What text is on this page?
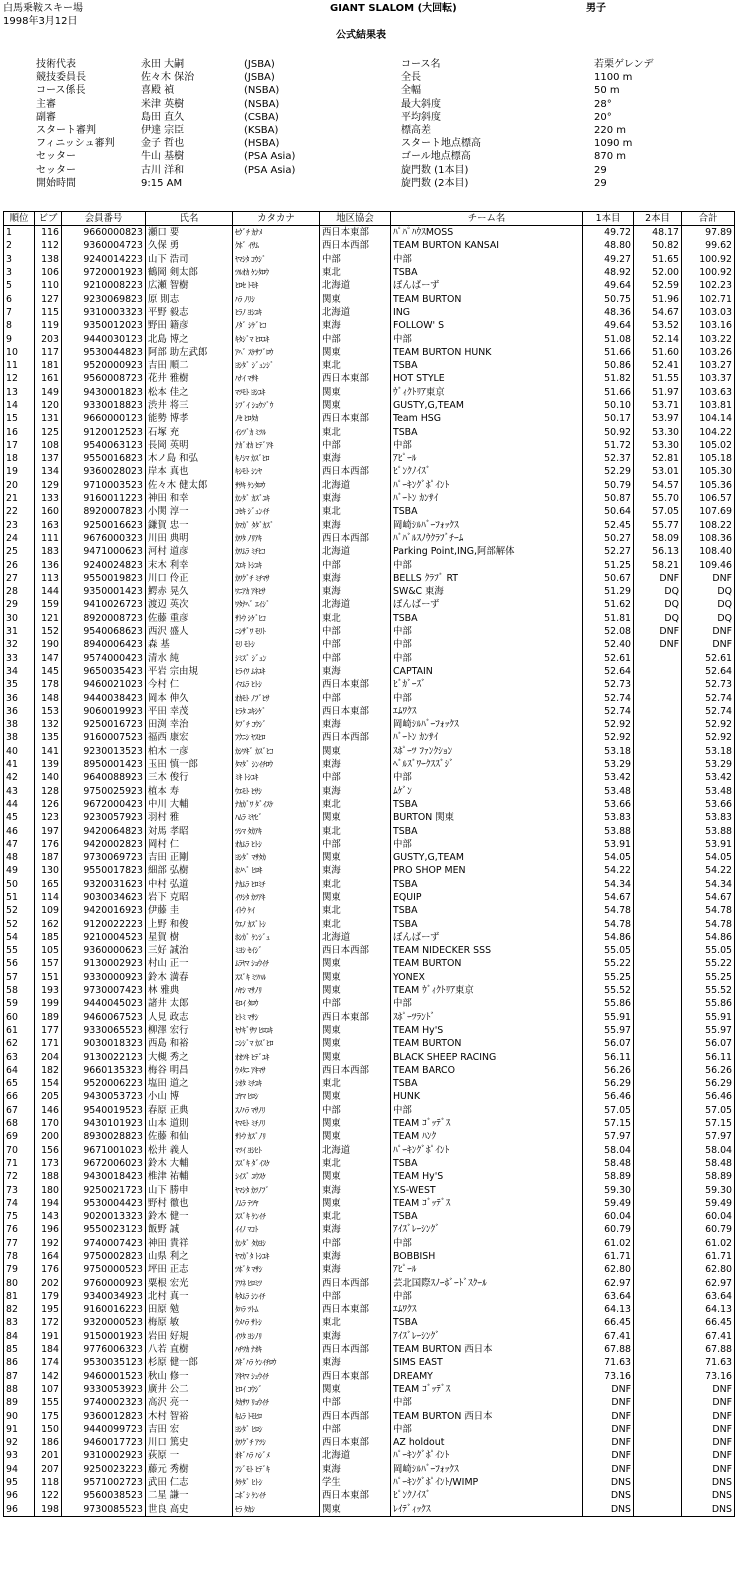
白馬乗鞍スキー場
1998年3月12日
GIANT SLALOM (大回転)	男子
公式結果表
技術代表	永田 大嗣	(JSBA)	コース名	若栗ゲレンデ
競技委員長	佐々木 保治	(JSBA)	全長	1100 m
コース係長	喜殿 禎	(NSBA)	全幅	50 m
主審	米津 英樹	(NSBA)	最大斜度	28°
副審	島田 直久	(CSBA)	平均斜度	20°
スタート審判	伊達 宗臣	(KSBA)	標高差	220 m
フィニッシュ審判	金子 哲也	(HSBA)	スタート地点標高	1090 m
セッター	牛山 基樹	(PSA Asia)	ゴール地点標高	870 m
セッター	古川 洋和	(PSA Asia)	旋門数 (1本目)	29
開始時間	9:15 AM	旋門数 (2本目)	29
順位	ビブ	会員番号	氏名	カタカナ	地区協会	チーム名	1本目	2本目	合計
1	116	9660000823	瀬口 要	ｾｸﾞﾁ ｶﾅﾒ	西日本東部	ﾊﾟﾊﾟﾊｳｽMOSS	49.72	48.17	97.89
2	112	9360004723	久保 勇	ｸﾎﾞ ｲｻﾑ	西日本西部	TEAM BURTON KANSAI	48.80	50.82	99.62
3	138	9240014223	山下 浩司	ﾔﾏｼﾀ ｺｳｼﾞ	中部	中部	49.27	51.65	100.92
3	106	9720001923	鶴岡 剣太郎	ﾂﾙｵｶ ｹﾝﾀﾛｳ	東北	TSBA	48.92	52.00	100.92
5	110	9210008223	広瀬 智樹	ﾋﾛｾ ﾄﾓｷ	北海道	ぼんばーず	49.64	52.59	102.23
6	127	9230069823	原 則志	ﾊﾗ ﾉﾘｼ	関東	TEAM BURTON	50.75	51.96	102.71
7	115	9310003323	平野 毅志	ﾋﾗﾉ ﾖｼﾕｷ	北海道	ING	48.36	54.67	103.03
8	119	9350012023	野田 籍彦	ﾉﾀﾞ ｼｹﾞﾋｺ	東海	FOLLOW' S	49.64	53.52	103.16
9	203	9440030123	北島 博之	ｷﾀｼﾞﾏ ﾋﾛﾕｷ	中部	中部	51.08	52.14	103.22
10	117	9530044823	阿部 助左武郎	ｱﾍﾞ ｽｹｻﾌﾞﾛｳ	関東	TEAM BURTON HUNK	51.66	51.60	103.26
11	181	9520000923	吉田 順二	ﾖｼﾀﾞ ｼﾞｭﾝｼﾞ	東北	TSBA	50.86	52.41	103.27
12	161	9560008723	花井 雅樹	ﾊﾅｲ ﾏｻｷ	西日本東部	HOT STYLE	51.82	51.55	103.37
13	149	9430001823	松本 佳之	ﾏﾂﾓﾄ ﾖｼﾕｷ	関東	ｳﾞｨｸﾄﾘｱ東京	51.66	51.97	103.63
14	120	9330018823	渋井 将三	ｼﾌﾞｲ ｼｮｳｿﾞｳ	関東	GUSTY,G,TEAM	50.10	53.71	103.81
15	131	9660000123	能勢 博孝	ﾉｾ ﾋﾛﾀｶ	西日本東部	Team HSG	50.17	53.97	104.14
16	125	9120012523	石塚 充	ｲｼﾂﾞｶ ﾐﾂﾙ	東北	TSBA	50.92	53.30	104.22
17	108	9540063123	長岡 英明	ﾅｶﾞｵｶ ﾋﾃﾞｱｷ	中部	中部	51.72	53.30	105.02
18	137	9550016823	木ノ島 和弘	ｷﾉｼﾏ ｶｽﾞﾋﾛ	東海	ｱﾋﾟｰﾙ	52.37	52.81	105.18
19	134	9360028023	岸本 真也	ｷｼﾓﾄ ｼﾝﾔ	西日本西部	ﾋﾟﾝｸﾉｲｽﾞ	52.29	53.01	105.30
20	129	9710003523	佐々木 健太郎	ｻｻｷ ｹﾝﾀﾛｳ	北海道	ﾊﾟｰｷﾝｸﾞﾎﾟｲﾝﾄ	50.79	54.57	105.36
21	133	9160011223	神田 和幸	ｶﾝﾀﾞ ｶｽﾞﾕｷ	東海	ﾊﾞｰﾄﾝ ｶﾝｻｲ	50.87	55.70	106.57
22	160	8920007823	小関 淳一	ｺｾｷ ｼﾞｭﾝｲﾁ	東北	TSBA	50.64	57.05	107.69
23	163	9250016623	鎌賀 忠一	ｶﾏｶﾞ ﾀﾀﾞｶｽﾞ	東海	岡崎ｼﾙﾊﾞｰﾌｫｯｸｽ	52.45	55.77	108.22
24	111	9676000323	川田 典明	ｶﾜﾀ ﾉﾘｱｷ	西日本西部	ﾊﾞﾊﾞﾙｽﾉｳｸﾗﾌﾞﾁｰﾑ	50.27	58.09	108.36
25	183	9471000623	河村 道彦	ｶﾜﾑﾗ ﾐﾁﾋｺ	北海道	Parking Point,ING,阿部解体	52.27	56.13	108.40
26	136	9240024823	末木 利幸	ｽｴｷ ﾄｼﾕｷ	中部	中部	51.25	58.21	109.46
27	113	9550019823	川口 伶正	ｶﾜｸﾞﾁ ﾐﾁﾏｻ	東海	BELLS ｸﾗﾌﾞ RT	50.67	DNF	DNF
28	144	9350001423	鰐赤 晃久	ﾜﾆｱｶ ｱｷﾋｻ	東海	SW&C 東海	51.29	DQ	DQ
29	159	9410026723	渡辺 英次	ﾜﾀﾅﾍﾞ ｴｲｼﾞ	北海道	ぼんばーず	51.62	DQ	DQ
30	121	8920008723	佐藤 重彦	ｻﾄｳ ｼｹﾞﾋｺ	東北	TSBA	51.81	DQ	DQ
31	152	9540068623	西沢 盛人	ﾆｼｻﾞﾜ ﾓﾘﾄ	中部	中部	52.08	DNF	DNF
32	190	8940006423	森 基	ﾓﾘ ﾓﾄｼ	中部	中部	52.40	DNF	DNF
33	147	9574000423	清水 純	ｼﾐｽﾞ ｼﾞｭﾝ	中部	中部	52.61		52.61
34	145	9650035423	平岩 宗由規	ﾋﾗｲﾜ ﾑﾈﾕｷ	東海	CAPTAIN	52.64		52.64
35	178	9460021023	今村 仁	ｲﾏﾑﾗ ﾋﾄｼ	西日本東部	ﾋﾞｶﾞｰｽﾞ	52.73		52.73
36	148	9440038423	岡本 伸久	ｵｶﾓﾄ ﾉﾌﾞﾋｻ	中部	中部	52.74		52.74
36	153	9060019923	平田 幸茂	ﾋﾗﾀ ﾕｷｼｹﾞ	西日本東部	ｴﾑﾜｸｽ	52.74		52.74
38	132	9250016723	田渕 幸治	ﾀﾌﾞﾁ ｺｳｼﾞ	東海	岡崎ｼﾙﾊﾞｰﾌｫｯｸｽ	52.92		52.92
38	135	9160007523	福西 康宏	ﾌｸﾆｼ ﾔｽﾋﾛ	西日本西部	ﾊﾞｰﾄﾝ ｶﾝｻｲ	52.92		52.92
40	141	9230013523	柏木 一彦	ｶｼﾜｷﾞ ｶｽﾞﾋｺ	関東	ｽﾎﾟｰﾂ ﾌｧﾝｸｼｮﾝ	53.18		53.18
41	139	8950001423	玉田 慎一郎	ﾀﾏﾀﾞ ｼﾝｲﾁﾛｳ	東海	ﾍﾞﾙｽﾞﾜｰｸｽｽﾞｼﾞ	53.29		53.29
42	140	9640088923	三木 俊行	ﾐｷ ﾄｼﾕｷ	中部	中部	53.42		53.42
43	128	9750025923	植本 寿	ｳｴﾓﾄ ﾋｻｼ	東海	ﾑｹﾞﾝ	53.48		53.48
44	126	9672000423	中川 大輔	ﾅｶｶﾞﾜ ﾀﾞｲｽｹ	東北	TSBA	53.66		53.66
45	123	9230057923	羽村 雅	ﾊﾑﾗ ﾐﾔﾋﾞ	関東	BURTON 関東	53.83		53.83
46	197	9420064823	対馬 孝昭	ﾂｼﾏ ﾀｶｱｷ	東北	TSBA	53.88		53.88
47	176	9420002823	岡村 仁	ｵｶﾑﾗ ﾋﾄｼ	中部	中部	53.91		53.91
48	187	9730069723	吉田 正剛	ﾖｼﾀﾞ ﾏｻﾀｶ	関東	GUSTY,G,TEAM	54.05		54.05
49	130	9550017823	細部 弘樹	ﾎｿﾍﾞ ﾋﾛｷ	東海	PRO SHOP MEN	54.22		54.22
50	165	9320031623	中村 弘道	ﾅｶﾑﾗ ﾋﾛﾐﾁ	東北	TSBA	54.34		54.34
51	114	9030034623	岩下 克昭	ｲﾜｼﾀ ｶﾂｱｷ	関東	EQUIP	54.67		54.67
52	109	9420016923	伊藤 圭	ｲﾄｳ ｹｲ	東北	TSBA	54.78		54.78
52	162	9120022223	上野 和俊	ｳｴﾉ ｶｽﾞﾄｼ	東北	TSBA	54.78		54.78
54	185	9210004523	星賀 樹	ﾎｼｶﾞ ｹﾝｼﾞｭ	北海道	ぼんばーず	54.86		54.86
55	105	9360000623	三好 誠治	ﾐﾖｼ ｾｲｼﾞ	西日本西部	TEAM NIDECKER SSS	55.05		55.05
56	157	9130002923	村山 正一	ﾑﾗﾔﾏ ｼｮｳｲﾁ	関東	TEAM BURTON	55.22		55.22
57	151	9330000923	鈴木 満春	ｽｽﾞｷ ﾐﾂﾊﾙ	関東	YONEX	55.25		55.25
58	193	9730007423	林 雅典	ﾊﾔｼ ﾏｻﾉﾘ	関東	TEAM ｳﾞｨｸﾄﾘｱ東京	55.52		55.52
59	199	9440045023	諸井 太郎	ﾓﾛｲ ﾀﾛｳ	中部	中部	55.86		55.86
60	189	9460067523	人見 政志	ﾋﾄﾐ ﾏｻｼ	西日本東部	ｽﾎﾟｰﾂﾗﾝﾄﾞ	55.91		55.91
61	177	9330065523	柳澤 宏行	ﾔﾅｷﾞｻﾜ ﾋﾛﾕｷ	関東	TEAM Hy'S	55.97		55.97
62	171	9030018323	西島 和裕	ﾆｼｼﾞﾏ ｶｽﾞﾋﾛ	関東	TEAM BURTON	56.07		56.07
63	204	9130022123	大槻 秀之	ｵｵﾂｷ ﾋﾃﾞﾕｷ	関東	BLACK SHEEP RACING	56.11		56.11
64	182	9660135323	梅谷 明昌	ｳﾒﾀﾆ ｱｷﾏｻ	西日本西部	TEAM BARCO	56.26		56.26
65	154	9520006223	塩田 道之	ｼｵﾀ ﾐﾁﾕｷ	東北	TSBA	56.29		56.29
66	205	9430053723	小山 博	ｺﾔﾏ ﾋﾛｼ	関東	HUNK	56.46		56.46
67	146	9540019523	春原 正典	ｽﾉﾊﾗ ﾏｻﾉﾘ	中部	中部	57.05		57.05
68	170	9430101923	山本 道則	ﾔﾏﾓﾄ ﾐﾁﾉﾘ	関東	TEAM ｺﾞｯﾃﾞｽ	57.15		57.15
69	200	8930028823	佐藤 和仙	ｻﾄｳ ｶｽﾞﾉﾘ	関東	TEAM ﾊﾝｸ	57.97		57.97
70	156	9671001023	松井 義人	ﾏﾂｲ ﾖｼﾋﾄ	北海道	ﾊﾟｰｷﾝｸﾞﾎﾟｲﾝﾄ	58.04		58.04
71	173	9672006023	鈴木 大輔	ｽｽﾞｷ ﾀﾞｲｽｹ	東北	TSBA	58.48		58.48
72	188	9430018423	椎津 祐輔	ｼｲｽﾞ ﾕｳｽｹ	関東	TEAM Hy'S	58.89		58.89
73	180	9250021723	山下 勝申	ﾔﾏｼﾀ ｶﾂﾉﾌﾞ	東海	Y.S-WEST	59.30		59.30
74	194	9530004423	野村 徹也	ﾉﾑﾗ ﾃﾂﾔ	関東	TEAM ｺﾞｯﾃﾞｽ	59.49		59.49
75	143	9020013323	鈴木 健一	ｽｽﾞｷ ｹﾝｲﾁ	東北	TSBA	60.04		60.04
76	196	9550023123	飯野 誠	ｲｲﾉ ﾏｺﾄ	東海	ｱｲｽﾞﾚｰｼﾝｸﾞ	60.79		60.79
77	192	9740007423	神田 貴祥	ｶﾝﾀﾞ ﾀｶﾖｼ	中部	中部	61.02		61.02
78	164	9750002823	山県 利之	ﾔﾏｶﾞﾀ ﾄｼﾕｷ	東海	BOBBISH	61.71		61.71
79	176	9750000523	坪田 正志	ﾂﾎﾞﾀ ﾏｻｼ	東海	ｱﾋﾟｰﾙ	62.80		62.80
80	202	9760000923	粟根 宏光	ｱﾜﾈ ﾋﾛﾐﾂ	西日本西部	芸北国際ｽﾉｰﾎﾞｰﾄﾞｽｸｰﾙ	62.97		62.97
81	179	9340034923	北村 真一	ｷﾀﾑﾗ ｼﾝｲﾁ	中部	中部	63.64		63.64
82	195	9160016223	田原 勉	ﾀﾊﾗ ﾂﾄﾑ	西日本東部	ｴﾑﾜｸｽ	64.13		64.13
83	172	9320000523	梅原 敏	ｳﾒﾊﾗ ｻﾄｼ	東北	TSBA	66.45		66.45
84	191	9150001923	岩田 好規	ｲﾜﾀ ﾖｼﾉﾘ	東海	ｱｲｽﾞﾚｰｼﾝｸﾞ	67.41		67.41
85	184	9776006323	八若 直樹	ﾊﾁﾜｶ ﾅｵｷ	西日本西部	TEAM BURTON 西日本	67.88		67.88
86	174	9530035123	杉原 健一郎	ｽｷﾞﾊﾗ ｹﾝｲﾁﾛｳ	東海	SIMS EAST	71.63		71.63
87	142	9460001523	秋山 修一	ｱｷﾔﾏ ｼｭｳｲﾁ	西日本東部	DREAMY	73.16		73.16
88	107	9330053923	廣井 公二	ﾋﾛｲ ｺｳｼﾞ	関東	TEAM ｺﾞｯﾃﾞｽ	DNF		DNF
89	155	9740002323	高沢 亮一	ﾀｶｻﾜ ﾘｮｳｲﾁ	中部	中部	DNF		DNF
90	175	9360012823	木村 智裕	ｷﾑﾗ ﾄﾓﾋﾛ	西日本西部	TEAM BURTON 西日本	DNF		DNF
91	150	9440099723	吉田 宏	ﾖｼﾀﾞ ﾋﾛｼ	中部	中部	DNF		DNF
92	186	9460017723	川口 篤史	ｶﾜｸﾞﾁ ｱﾂｼ	西日本東部	AZ holdout	DNF		DNF
93	201	9310002923	荻原 一	ｵｷﾞﾊﾗ ﾊｼﾞﾒ	北海道	ﾊﾟｰｷﾝｸﾞﾎﾟｲﾝﾄ	DNF		DNF
94	207	9250023223	藤元 秀樹	ﾌｼﾞﾓﾄ ﾋﾃﾞｷ	東海	岡崎ｼﾙﾊﾞｰﾌｫｯｸｽ	DNF		DNF
95	118	9571002723	武田 仁志	ﾀｹﾀﾞ ﾋﾄｼ	学生	ﾊﾟｰｷﾝｸﾞﾎﾟｲﾝﾄ/WIMP	DNS		DNS
96	122	9560038523	二星 謙一	ﾆﾎﾞｼ ｹﾝｲﾁ	西日本東部	ﾋﾟﾝｸﾉｲｽﾞ	DNS		DNS
96	198	9730085523	世良 高史	ｾﾗ ﾀｶｼ	関東	ﾚｲﾃﾞｨｯｸｽ	DNS		DNS
